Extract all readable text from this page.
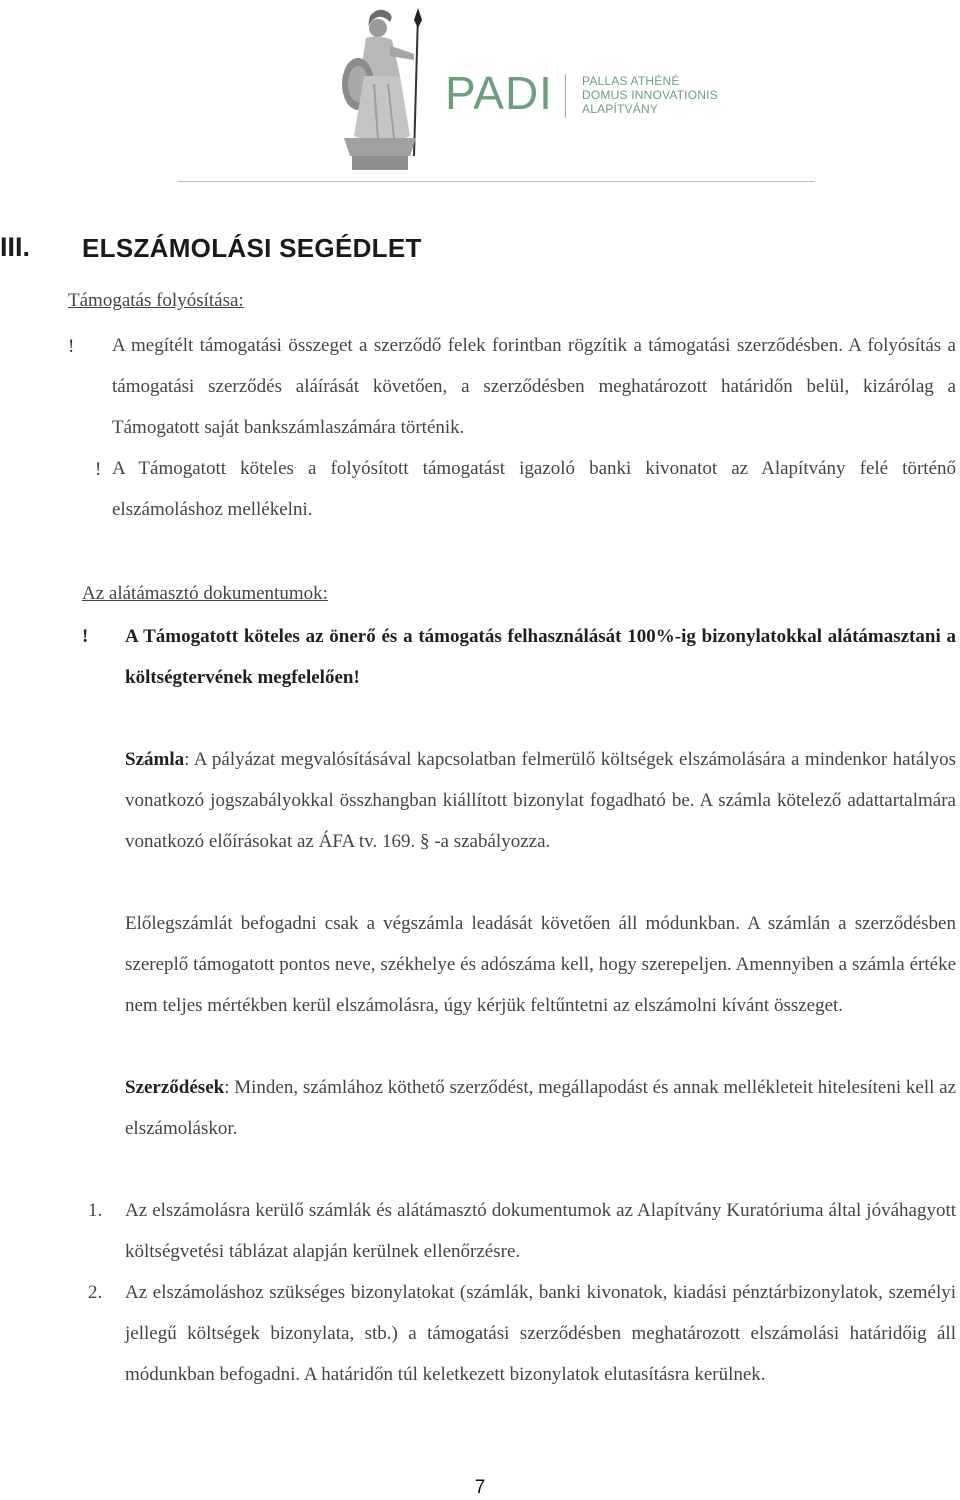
PADI PALLAS ATHÉNÉ
DOMUS INNOVATIONIS
ALAPÍTVÁNY
III. ELSZÁMOLÁSI SEGÉDLET
Támogatás folyósítása:
! A megítélt támogatási összeget a szerződő felek forintban rögzítik a támogatási szerződésben. A folyósítás a támogatási szerződés aláírását követően, a szerződésben meghatározott határidőn belül, kizárólag a Támogatott saját bankszámlaszámára történik.
! A Támogatott köteles a folyósított támogatást igazoló banki kivonatot az Alapítvány felé történő elszámoláshoz mellékelni.
Az alátámasztó dokumentumok:
! A Támogatott köteles az önerő és a támogatás felhasználását 100%-ig bizonylatokkal alátámasztani a költségtervének megfelelően!
Számla: A pályázat megvalósításával kapcsolatban felmerülő költségek elszámolására a mindenkor hatályos vonatkozó jogszabályokkal összhangban kiállított bizonylat fogadható be. A számla kötelező adattartalmára vonatkozó előírásokat az ÁFA tv. 169. § -a szabályozza.
Előlegszámlát befogadni csak a végszámla leadását követően áll módunkban. A számlán a szerződésben szereplő támogatott pontos neve, székhelye és adószáma kell, hogy szerepeljen. Amennyiben a számla értéke nem teljes mértékben kerül elszámolásra, úgy kérjük feltűntetni az elszámolni kívánt összeget.
Szerződések: Minden, számlához köthető szerződést, megállapodást és annak mellékleteit hitelesíteni kell az elszámoláskor.
1. Az elszámolásra kerülő számlák és alátámasztó dokumentumok az Alapítvány Kuratóriuma által jóváhagyott költségvetési táblázat alapján kerülnek ellenőrzésre.
2. Az elszámoláshoz szükséges bizonylatokat (számlák, banki kivonatok, kiadási pénztárbizonylatok, személyi jellegű költségek bizonylata, stb.) a támogatási szerződésben meghatározott elszámolási határidőig áll módunkban befogadni. A határidőn túl keletkezett bizonylatok elutasításra kerülnek.
7
